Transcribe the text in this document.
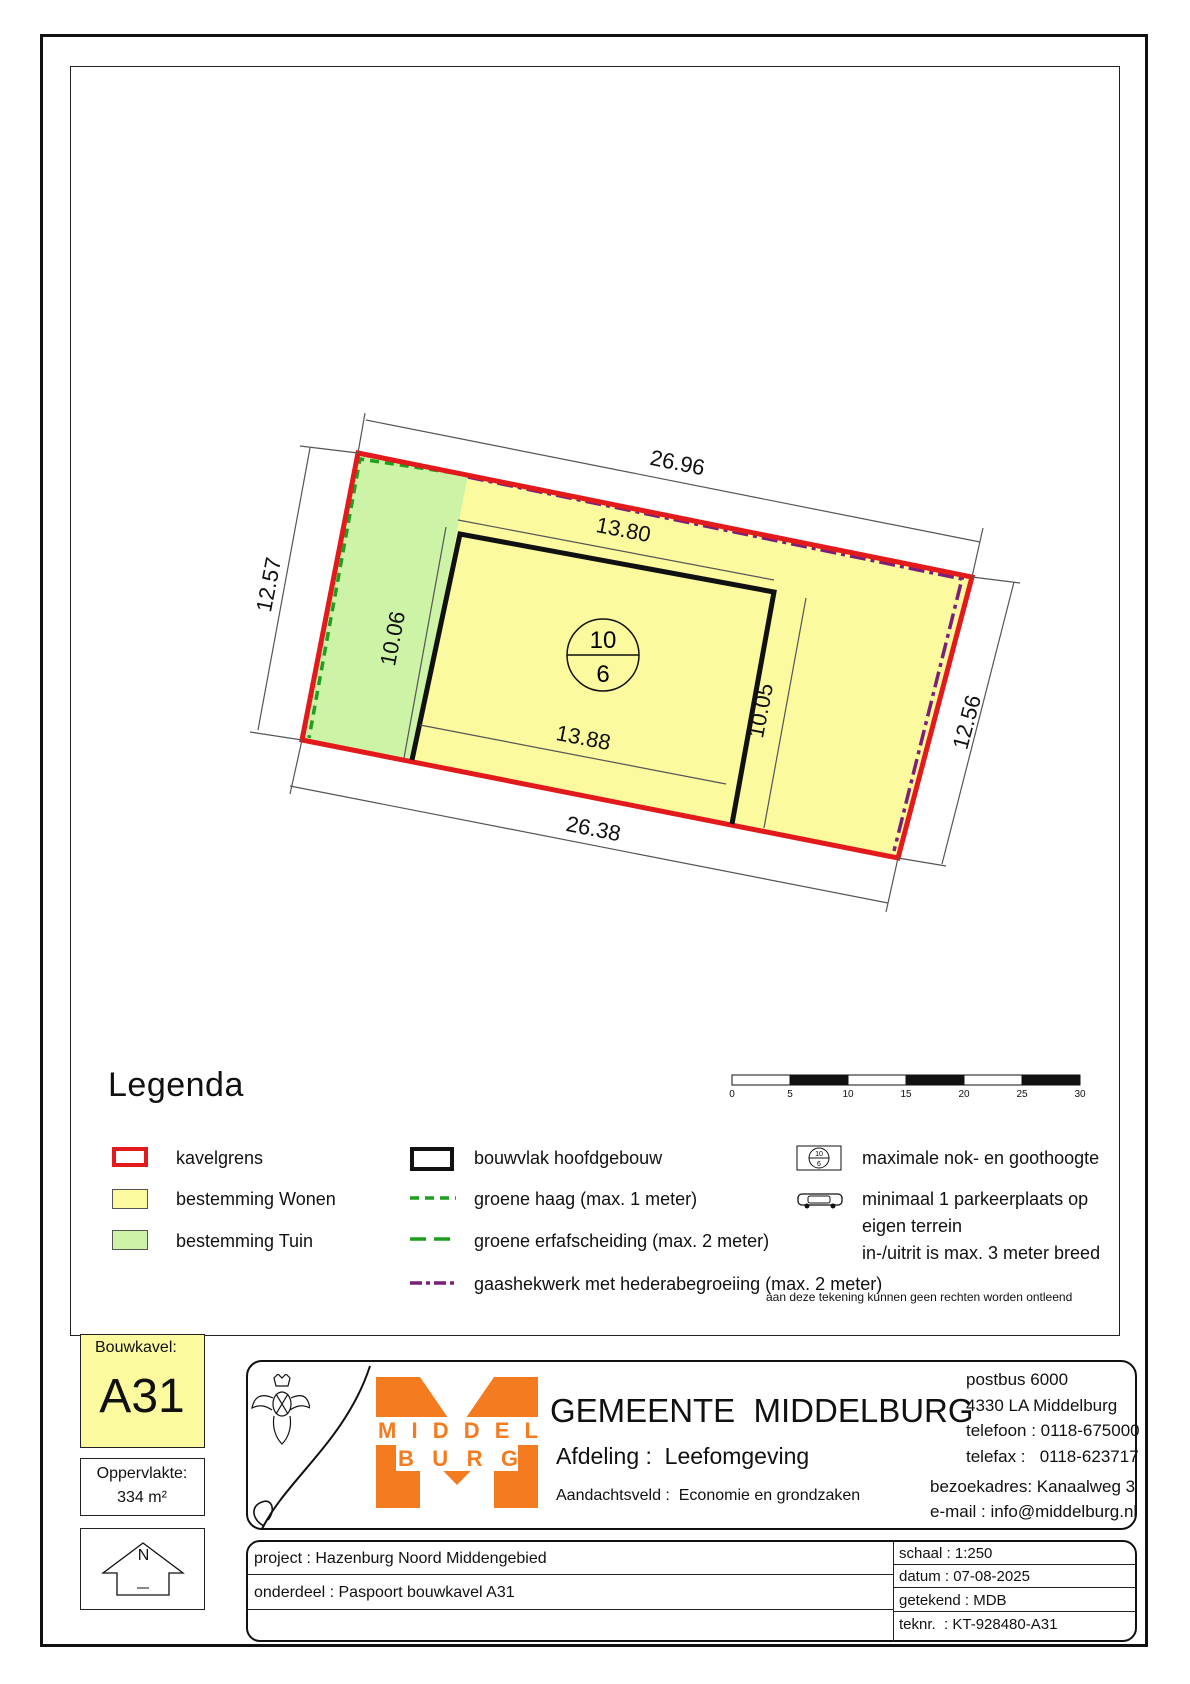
26.96
26.38
12.57
12.56
13.80
13.88
10.06
10.05
10
6
0	5	10	15	20	25	30
Legenda
kavelgrens
bestemming Wonen
bestemming Tuin
bouwvlak hoofdgebouw
groene haag (max. 1 meter)
groene erfafscheiding (max. 2 meter)
gaashekwerk met hederabegroeiing (max. 2 meter)
10
6 maximale nok- en goothoogte
minimaal 1 parkeerplaats op
eigen terrein
in-/uitrit is max. 3 meter breed
aan deze tekening kunnen geen rechten worden ontleend
Bouwkavel:
A31
Oppervlakte:
334 m²
N
M I D D E L
B U R G
GEMEENTE  MIDDELBURG
Afdeling :  Leefomgeving
Aandachtsveld :  Economie en grondzaken
postbus 6000
4330 LA Middelburg
telefoon : 0118-675000
telefax :   0118-623717
bezoekadres: Kanaalweg 3
e-mail : info@middelburg.nl
project : Hazenburg Noord Middengebied
onderdeel : Paspoort bouwkavel A31
schaal : 1:250
datum : 07-08-2025
getekend : MDB
teknr.  : KT-928480-A31
